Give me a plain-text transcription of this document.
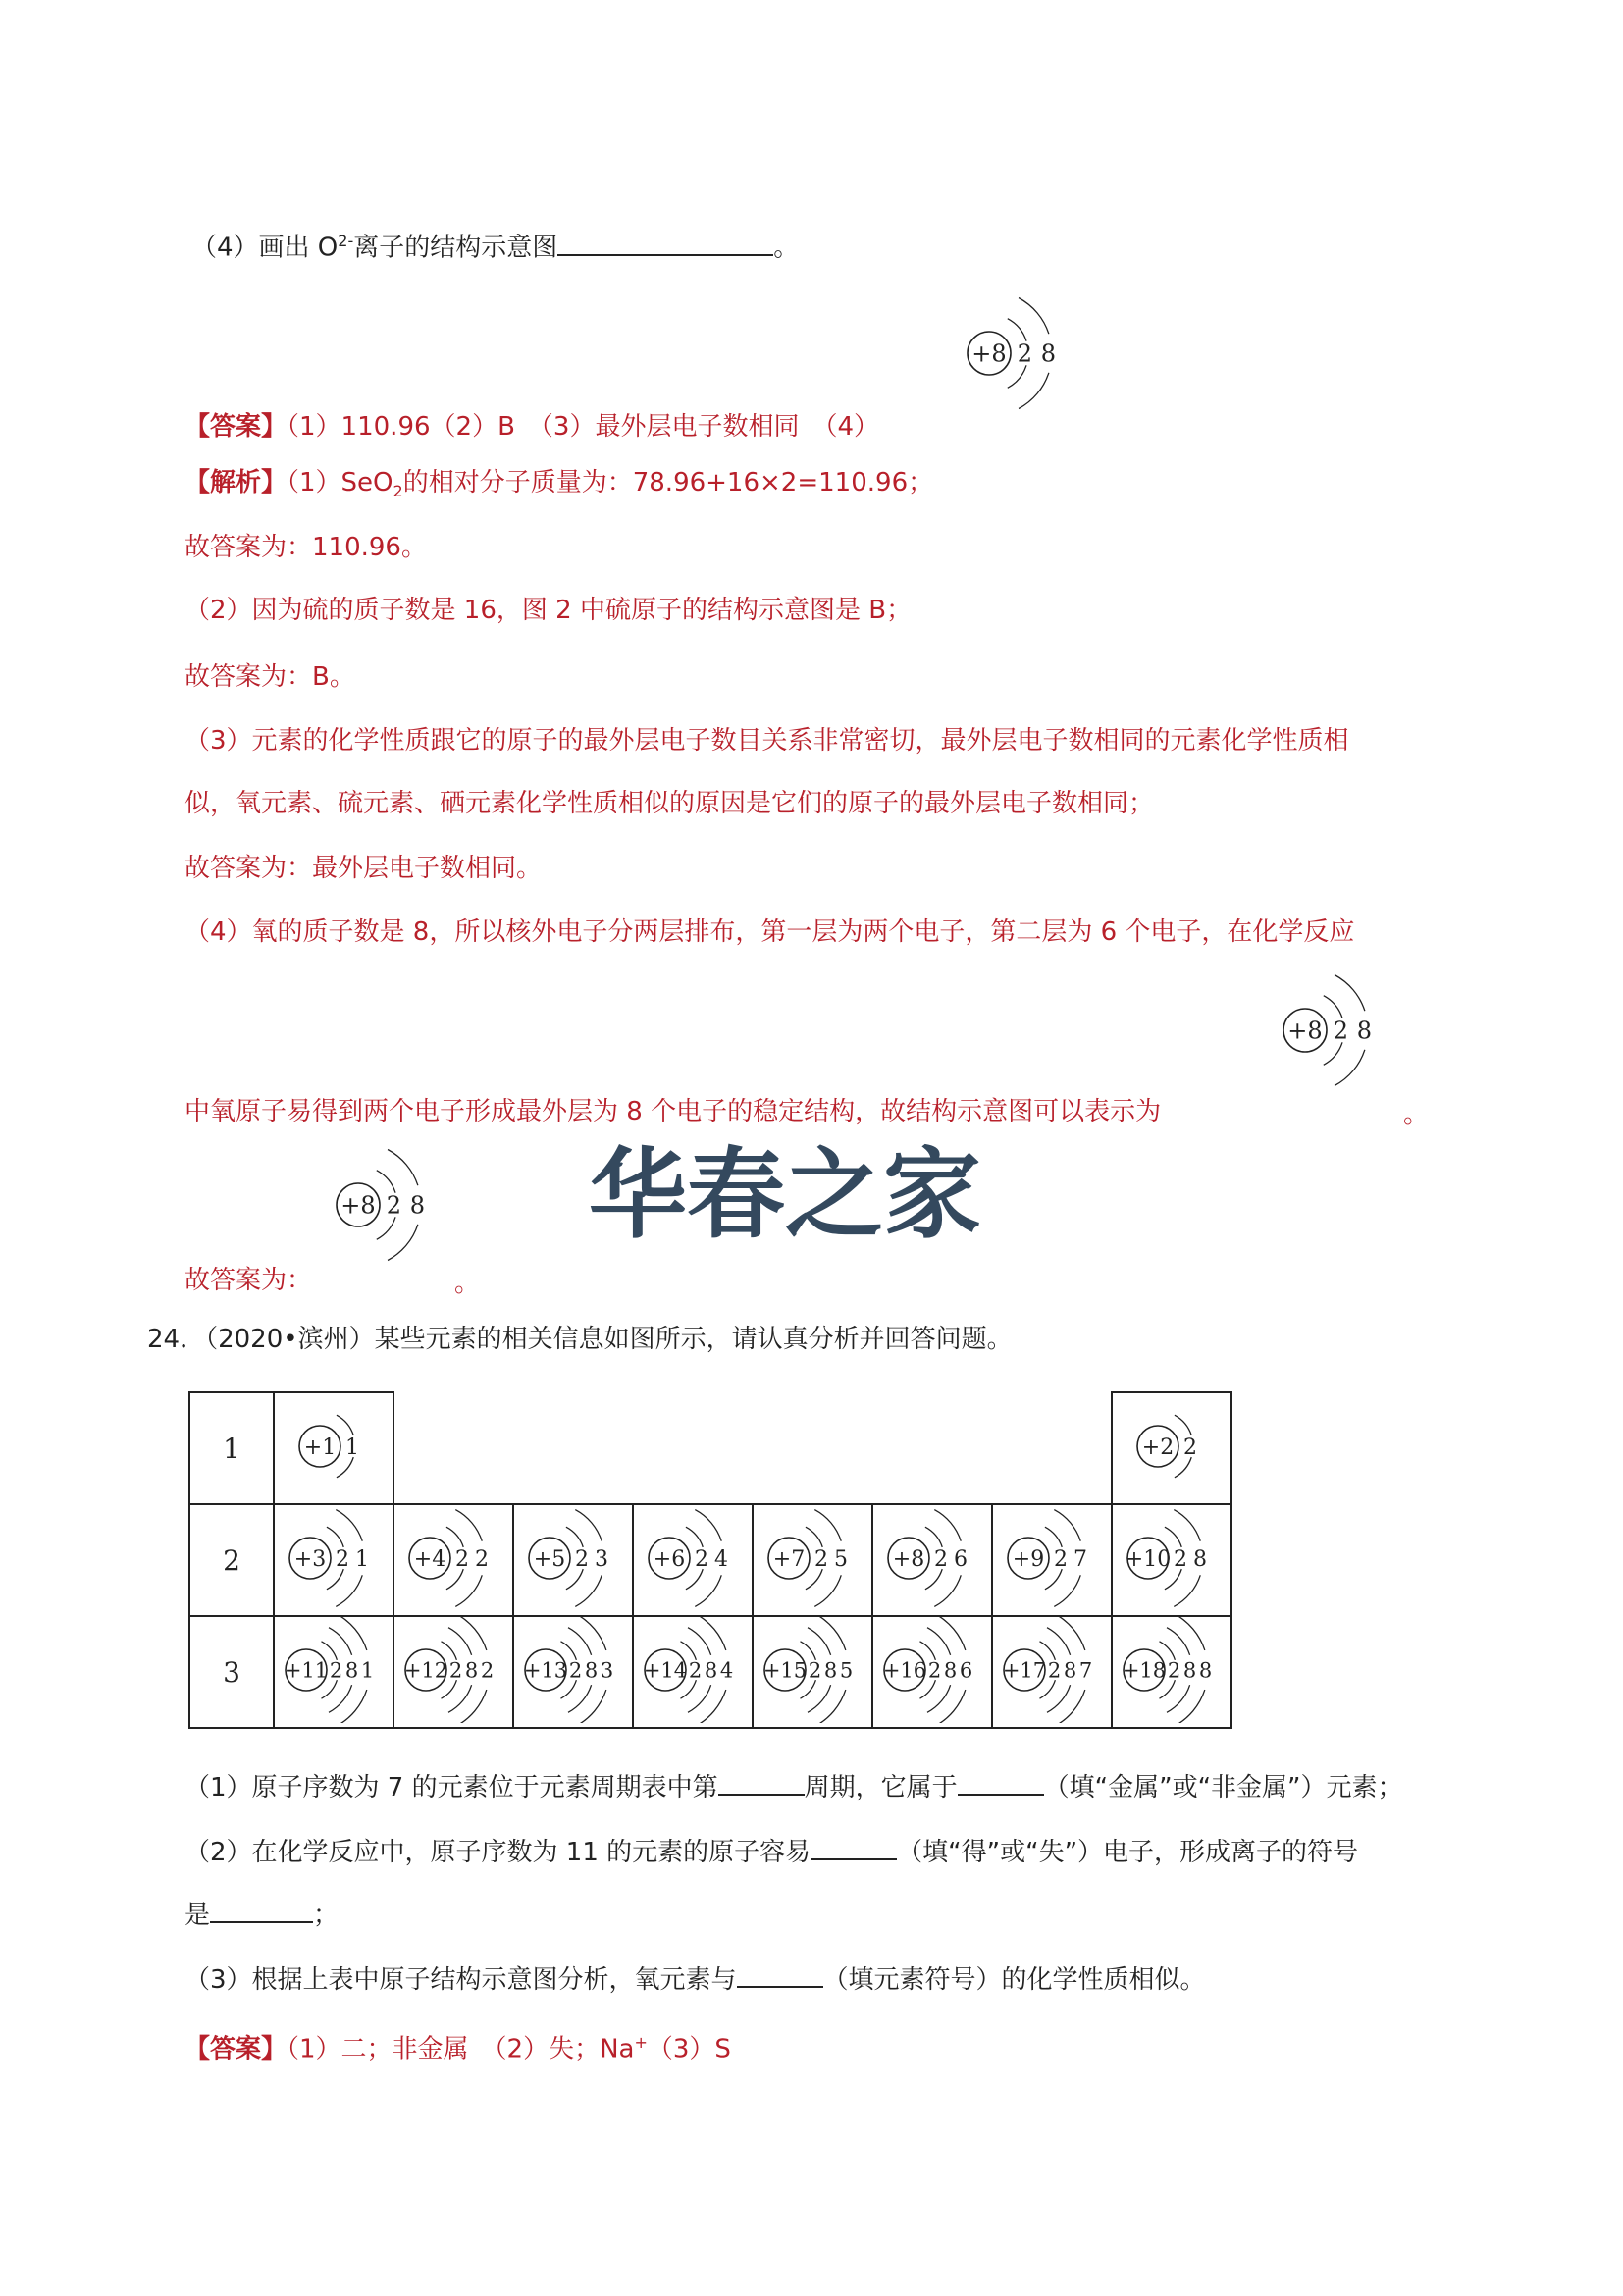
（4）画出 $O^{2-}$离子的结构示意图	。
+8 2 8
【答案】（1）110.96（2）B　（3）最外层电子数相同　（4）
【解析】（1）SeO$_2$的相对分子质量为：78.96+16×2=110.96；
故答案为：110.96。
（2）因为硫的质子数是 16，图 2 中硫原子的结构示意图是 B；
故答案为：B。
（3）元素的化学性质跟它的原子的最外层电子数目关系非常密切，最外层电子数相同的元素化学性质相
似，氧元素、硫元素、硒元素化学性质相似的原因是它们的原子的最外层电子数相同；
故答案为：最外层电子数相同。
（4）氧的质子数是 8，所以核外电子分两层排布，第一层为两个电子，第二层为 6 个电子，在化学反应
+8 2 8
中氧原子易得到两个电子形成最外层为 8 个电子的稳定结构，故结构示意图可以表示为	。
+8 2 8
故答案为：	。
华春之家
24．（2020•滨州）某些元素的相关信息如图所示，请认真分析并回答问题。
1	+1 1							+2 2

2	+3 2 1	+4 2 2	+5 2 3	+6 2 4	+7 2 5	+8 2 6	+9 2 7	+10 2 8

3	+11 2 8 1	+12 2 8 2	+13 2 8 3	+14 2 8 4	+15 2 8 5	+16 2 8 6	+17 2 8 7	+18 2 8 8
（1）原子序数为 7 的元素位于元素周期表中第	周期，它属于	（填“金属”或“非金属”）元素；
（2）在化学反应中，原子序数为 11 的元素的原子容易	（填“得”或“失”）电子，形成离子的符号
是	；
（3）根据上表中原子结构示意图分析，氧元素与	（填元素符号）的化学性质相似。
【答案】（1）二；非金属　（2）失；Na+（3）S
